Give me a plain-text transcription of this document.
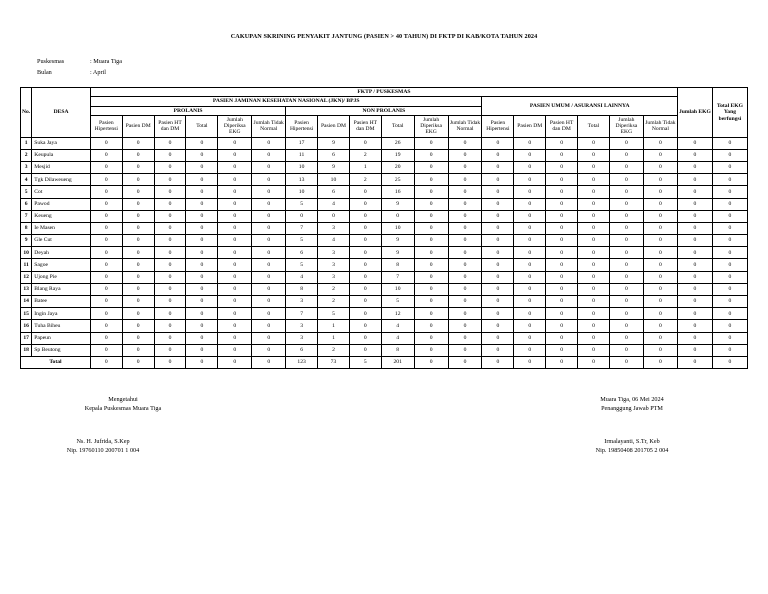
CAKUPAN SKRINING PENYAKIT JANTUNG (PASIEN > 40 TAHUN) DI FKTP DI KAB/KOTA TAHUN 2024
Puskesmas	: Muara Tiga
Bulan	: April
No.	DESA	FKTP / PUSKESMAS																		Jumlah EKG	Total EKG Yang berfungsi
		PASIEN JAMINAN KESEHATAN NASIONAL (JKN)/ BPJS												PASIEN UMUM / ASURANSI LAINNYA							
		PROLANIS						NON PROLANIS													
		Pasien Hipertensi	Pasien DM	Pasien HT dan DM	Total	Jumlah Diperiksa EKG	Jumlah Tidak Normal	Pasien Hipertensi	Pasien DM	Pasien HT dan DM	Total	Jumlah Diperiksa EKG	Jumlah Tidak Normal	Pasien Hipertensi	Pasien DM	Pasien HT dan DM	Total	Jumlah Diperiksa EKG	Jumlah Tidak Normal		
1	Suka Jaya	0	0	0	0	0	0	17	9	0	26	0	0	0	0	0	0	0	0	0	0
2	Keupula	0	0	0	0	0	0	11	6	2	19	0	0	0	0	0	0	0	0	0	0
3	Mesjid	0	0	0	0	0	0	10	9	1	20	0	0	0	0	0	0	0	0	0	0
4	Tgk Dilaweueng	0	0	0	0	0	0	13	10	2	25	0	0	0	0	0	0	0	0	0	0
5	Cot	0	0	0	0	0	0	10	6	0	16	0	0	0	0	0	0	0	0	0	0
6	Pawod	0	0	0	0	0	0	5	4	0	9	0	0	0	0	0	0	0	0	0	0
7	Keueng	0	0	0	0	0	0	0	0	0	0	0	0	0	0	0	0	0	0	0	0
8	Ie Masen	0	0	0	0	0	0	7	3	0	10	0	0	0	0	0	0	0	0	0	0
9	Gle Cut	0	0	0	0	0	0	5	4	0	9	0	0	0	0	0	0	0	0	0	0
10	Deyah	0	0	0	0	0	0	6	3	0	9	0	0	0	0	0	0	0	0	0	0
11	Sagoe	0	0	0	0	0	0	5	3	0	8	0	0	0	0	0	0	0	0	0	0
12	Ujong Pie	0	0	0	0	0	0	4	3	0	7	0	0	0	0	0	0	0	0	0	0
13	Blang Raya	0	0	0	0	0	0	8	2	0	10	0	0	0	0	0	0	0	0	0	0
14	Batee	0	0	0	0	0	0	3	2	0	5	0	0	0	0	0	0	0	0	0	0
15	Ingin Jaya	0	0	0	0	0	0	7	5	0	12	0	0	0	0	0	0	0	0	0	0
16	Tuha Biheu	0	0	0	0	0	0	3	1	0	4	0	0	0	0	0	0	0	0	0	0
17	Papeun	0	0	0	0	0	0	3	1	0	4	0	0	0	0	0	0	0	0	0	0
18	Sp Beutong	0	0	0	0	0	0	6	2	0	8	0	0	0	0	0	0	0	0	0	0
Total		0	0	0	0	0	0	123	73	5	201	0	0	0	0	0	0	0	0	0	0
Mengetahui
Kepala Puskesmas Muara Tiga
Ns. H. Jufrida, S.Kep
Nip. 19760110 200701 1 004
Muara Tiga, 06 Mei 2024
Penanggung Jawab PTM
Irmalayanti, S.Tr, Keb
Nip. 19850408 201705 2 004
